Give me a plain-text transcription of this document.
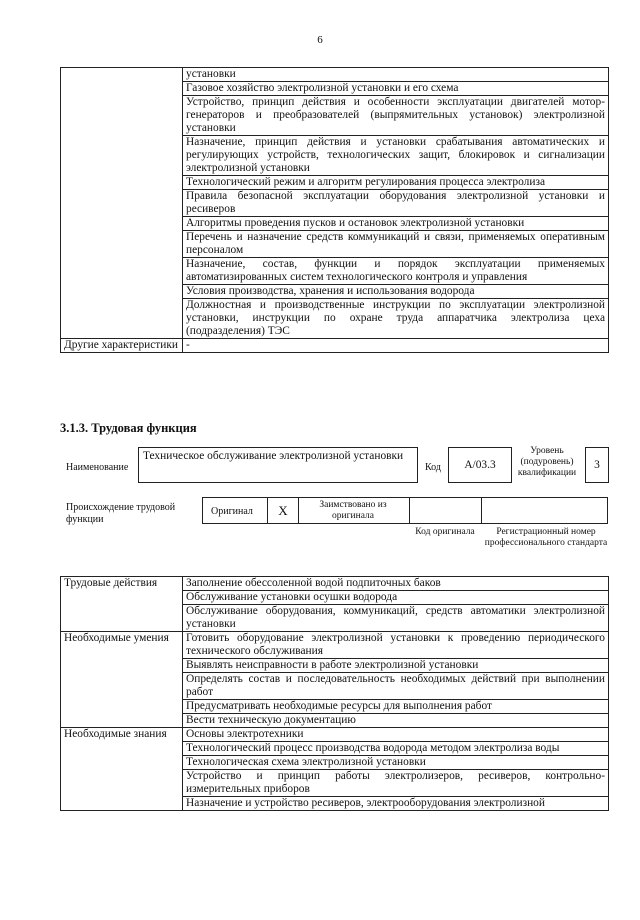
6
	установки
	Газовое хозяйство электролизной установки и его схема
	Устройство, принцип действия и особенности эксплуатации двигателей мотор-генераторов и преобразователей (выпрямительных установок) электролизной установки
	Назначение, принцип действия и установки срабатывания автоматических и регулирующих устройств, технологических защит, блокировок и сигнализации электролизной установки
	Технологический режим и алгоритм регулирования процесса электролиза
	Правила безопасной эксплуатации оборудования электролизной установки и ресиверов
	Алгоритмы проведения пусков и остановок электролизной установки
	Перечень и назначение средств коммуникаций и связи, применяемых оперативным персоналом
	Назначение, состав, функции и порядок эксплуатации применяемых автоматизированных систем технологического контроля и управления
	Условия производства, хранения и использования водорода
	Должностная и производственные инструкции по эксплуатации электролизной установки, инструкции по охране труда аппаратчика электролиза цеха (подразделения) ТЭС
Другие характеристики	-
3.1.3. Трудовая функция
Наименование
Техническое обслуживание электролизной установки
Код	A/03.3
Уровень (подуровень) квалификации
3
Происхождение трудовой функции
Оригинал	X	Заимствовано из оригинала
Код оригинала	Регистрационный номер профессионального стандарта
Трудовые действия	Заполнение обессоленной водой подпиточных баков
	Обслуживание установки осушки водорода
	Обслуживание оборудования, коммуникаций, средств автоматики электролизной установки
Необходимые умения	Готовить оборудование электролизной установки к проведению периодического технического обслуживания
	Выявлять неисправности в работе электролизной установки
	Определять состав и последовательность необходимых действий при выполнении работ
	Предусматривать необходимые ресурсы для выполнения работ
	Вести техническую документацию
Необходимые знания	Основы электротехники
	Технологический процесс производства водорода методом электролиза воды
	Технологическая схема электролизной установки
	Устройство и принцип работы электролизеров, ресиверов, контрольно-измерительных приборов
	Назначение и устройство ресиверов, электрооборудования электролизной
